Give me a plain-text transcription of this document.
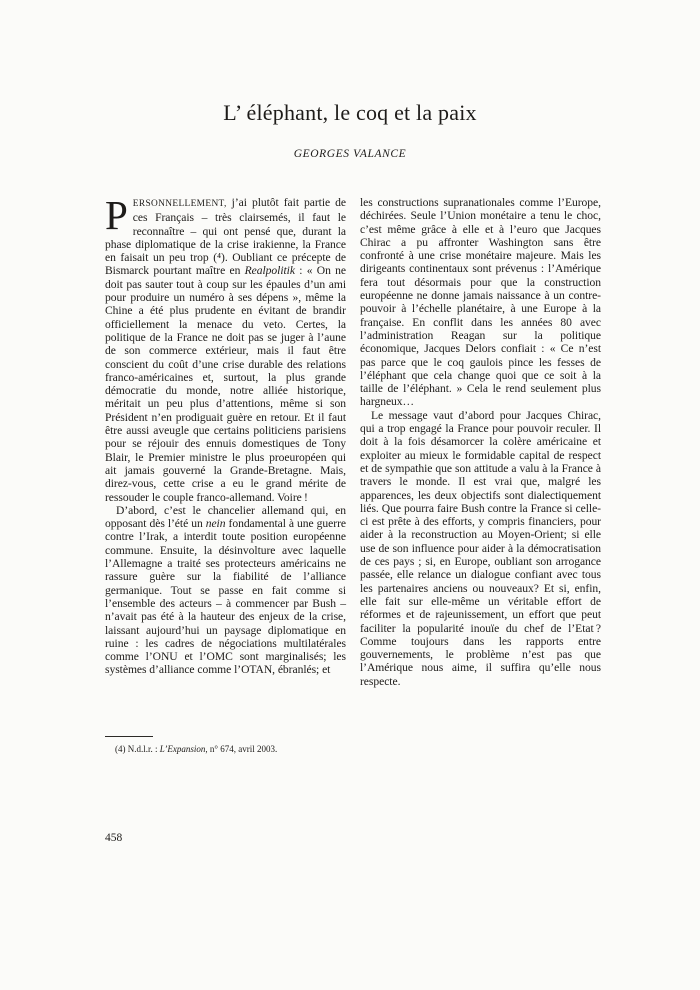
L’ éléphant, le coq et la paix
GEORGES VALANCE

PERSONNELLEMENT, j’ai plutôt fait partie de ces Français – très clairsemés, il faut le reconnaître – qui ont pensé que, durant la phase diplomatique de la crise irakienne, la France en faisait un peu trop (⁴). Oubliant ce précepte de Bismarck pourtant maître en Realpolitik : « On ne doit pas sauter tout à coup sur les épaules d’un ami pour produire un numéro à ses dépens », même la Chine a été plus prudente en évitant de brandir officiellement la menace du veto. Certes, la politique de la France ne doit pas se juger à l’aune de son commerce extérieur, mais il faut être conscient du coût d’une crise durable des relations franco-américaines et, surtout, la plus grande démocratie du monde, notre alliée historique, méritait un peu plus d’attentions, même si son Président n’en prodiguait guère en retour. Et il faut être aussi aveugle que certains politiciens parisiens pour se réjouir des ennuis domestiques de Tony Blair, le Premier ministre le plus proeuropéen qui ait jamais gouverné la Grande-Bretagne. Mais, direz-vous, cette crise a eu le grand mérite de ressouder le couple franco-allemand. Voire !

D’abord, c’est le chancelier allemand qui, en opposant dès l’été un nein fondamental à une guerre contre l’Irak, a interdit toute position européenne commune. Ensuite, la désinvolture avec laquelle l’Allemagne a traité ses protecteurs américains ne rassure guère sur la fiabilité de l’alliance germanique. Tout se passe en fait comme si l’ensemble des acteurs – à commencer par Bush – n’avait pas été à la hauteur des enjeux de la crise, laissant aujourd’hui un paysage diplomatique en ruine : les cadres de négociations multilatérales comme l’ONU et l’OMC sont marginalisés; les systèmes d’alliance comme l’OTAN, ébranlés; et

les constructions supranationales comme l’Europe, déchirées. Seule l’Union monétaire a tenu le choc, c’est même grâce à elle et à l’euro que Jacques Chirac a pu affronter Washington sans être confronté à une crise monétaire majeure. Mais les dirigeants continentaux sont prévenus : l’Amérique fera tout désormais pour que la construction européenne ne donne jamais naissance à un contre-pouvoir à l’échelle planétaire, à une Europe à la française. En conflit dans les années 80 avec l’administration Reagan sur la politique économique, Jacques Delors confiait : « Ce n’est pas parce que le coq gaulois pince les fesses de l’éléphant que cela change quoi que ce soit à la taille de l’éléphant. » Cela le rend seulement plus hargneux…

Le message vaut d’abord pour Jacques Chirac, qui a trop engagé la France pour pouvoir reculer. Il doit à la fois désamorcer la colère américaine et exploiter au mieux le formidable capital de respect et de sympathie que son attitude a valu à la France à travers le monde. Il est vrai que, malgré les apparences, les deux objectifs sont dialectiquement liés. Que pourra faire Bush contre la France si celle-ci est prête à des efforts, y compris financiers, pour aider à la reconstruction au Moyen-Orient; si elle use de son influence pour aider à la démocratisation de ces pays ; si, en Europe, oubliant son arrogance passée, elle relance un dialogue confiant avec tous les partenaires anciens ou nouveaux? Et si, enfin, elle fait sur elle-même un véritable effort de réformes et de rajeunissement, un effort que peut faciliter la popularité inouïe du chef de l’Etat ? Comme toujours dans les rapports entre gouvernements, le problème n’est pas que l’Amérique nous aime, il suffira qu’elle nous respecte.

(4) N.d.l.r. : L’Expansion, n° 674, avril 2003.

458
